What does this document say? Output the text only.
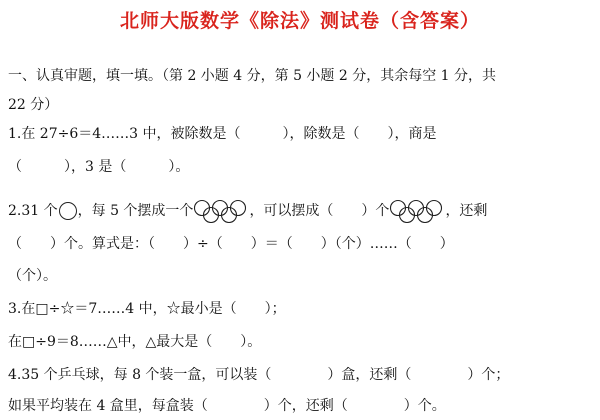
北师大版数学《除法》测试卷（含答案）
一、认真审题，填一填。（第 2 小题 4 分，第 5 小题 2 分，其余每空 1 分，共
22 分）
1.在 27÷6＝4……3 中，被除数是（　　　），除数是（　　），商是
（　　　），3 是（　　　）。
2.31 个 ，每 5 个摆成一个	，可以摆成（　　）个	，还剩
（　　）个。算式是：（　　）÷（　　）＝（　　）（个）……（　　）
（个）。
3.在□÷☆＝7……4 中，☆最小是（　　）；
在□÷9＝8……△中，△最大是（　　）。
4.35 个乒乓球，每 8 个装一盒，可以装（　　　　）盒，还剩（　　　　）个；
如果平均装在 4 盒里，每盒装（　　　　）个，还剩（　　　　）个。
